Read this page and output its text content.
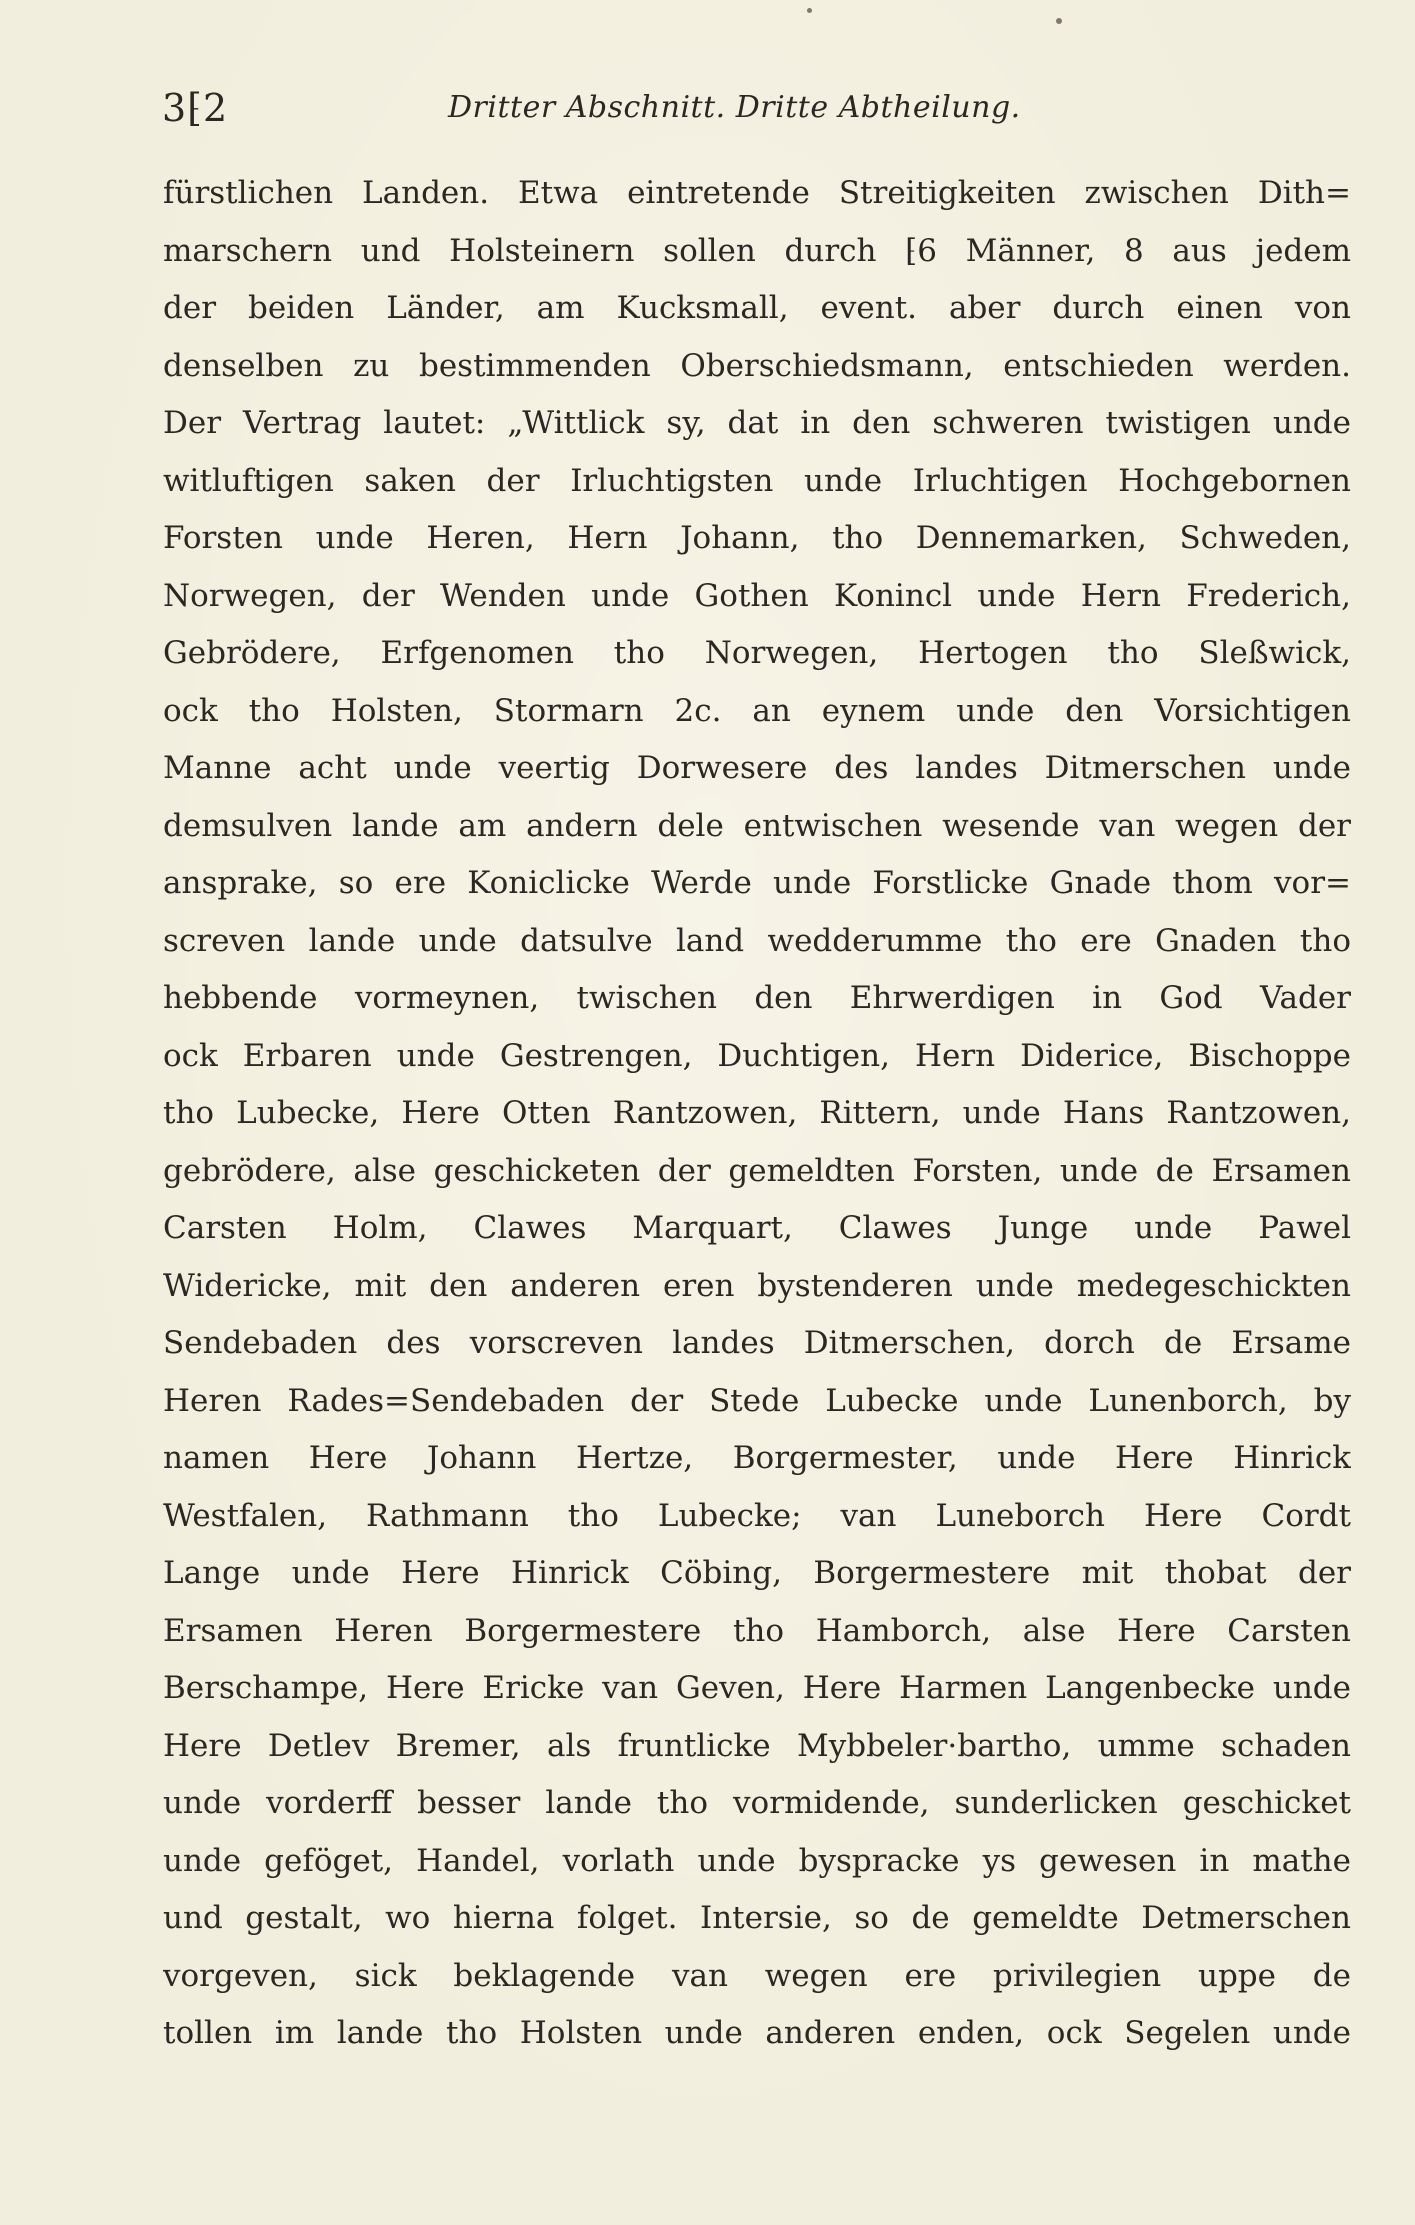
3⁅2	Dritter Abschnitt. Dritte Abtheilung.
fürstlichen Landen. Etwa eintretende Streitigkeiten zwischen Dith=
marschern und Holsteinern sollen durch ⁅6 Männer, 8 aus jedem
der beiden Länder, am Kucksmall, event. aber durch einen von
denselben zu bestimmenden Oberschiedsmann, entschieden werden.
Der Vertrag lautet: „Wittlick sy, dat in den schweren twistigen unde
witluftigen saken der Irluchtigsten unde Irluchtigen Hochgebornen
Forsten unde Heren, Hern Johann, tho Dennemarken, Schweden,
Norwegen, der Wenden unde Gothen Konincl unde Hern Frederich,
Gebrödere, Erfgenomen tho Norwegen, Hertogen tho Sleßwick,
ock tho Holsten, Stormarn 2c. an eynem unde den Vorsichtigen
Manne acht unde veertig Dorwesere des landes Ditmerschen unde
demsulven lande am andern dele entwischen wesende van wegen der
ansprake, so ere Koniclicke Werde unde Forstlicke Gnade thom vor=
screven lande unde datsulve land wedderumme tho ere Gnaden tho
hebbende vormeynen, twischen den Ehrwerdigen in God Vader
ock Erbaren unde Gestrengen, Duchtigen, Hern Diderice, Bischoppe
tho Lubecke, Here Otten Rantzowen, Rittern, unde Hans Rantzowen,
gebrödere, alse geschicketen der gemeldten Forsten, unde de Ersamen
Carsten Holm, Clawes Marquart, Clawes Junge unde Pawel
Widericke, mit den anderen eren bystenderen unde medegeschickten
Sendebaden des vorscreven landes Ditmerschen, dorch de Ersame
Heren Rades=Sendebaden der Stede Lubecke unde Lunenborch, by
namen Here Johann Hertze, Borgermester, unde Here Hinrick
Westfalen, Rathmann tho Lubecke; van Luneborch Here Cordt
Lange unde Here Hinrick Cöbing, Borgermestere mit thobat der
Ersamen Heren Borgermestere tho Hamborch, alse Here Carsten
Berschampe, Here Ericke van Geven, Here Harmen Langenbecke unde
Here Detlev Bremer, als fruntlicke Mybbeler·bartho, umme schaden
unde vorderff besser lande tho vormidende, sunderlicken geschicket
unde geföget, Handel, vorlath unde byspracke ys gewesen in mathe
und gestalt, wo hierna folget. Intersie, so de gemeldte Detmerschen
vorgeven, sick beklagende van wegen ere privilegien uppe de
tollen im lande tho Holsten unde anderen enden, ock Segelen unde
